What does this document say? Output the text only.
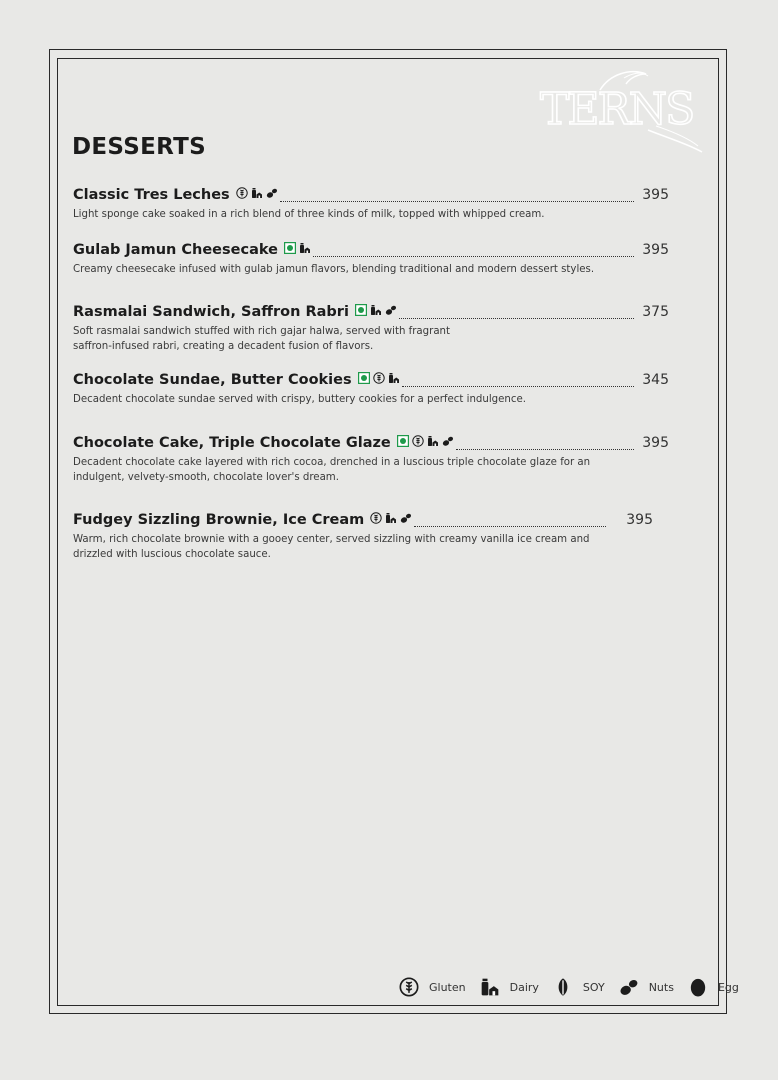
TERNS
DESSERTS
Classic Tres Leches	395
Light sponge cake soaked in a rich blend of three kinds of milk, topped with whipped cream.
Gulab Jamun Cheesecake	395
Creamy cheesecake infused with gulab jamun flavors, blending traditional and modern dessert styles.
Rasmalai Sandwich, Saffron Rabri	375
Soft rasmalai sandwich stuffed with rich gajar halwa, served with fragrant
saffron-infused rabri, creating a decadent fusion of flavors.
Chocolate Sundae, Butter Cookies	345
Decadent chocolate sundae served with crispy, buttery cookies for a perfect indulgence.
Chocolate Cake, Triple Chocolate Glaze	395
Decadent chocolate cake layered with rich cocoa, drenched in a luscious triple chocolate glaze for an
indulgent, velvety-smooth, chocolate lover's dream.
Fudgey Sizzling Brownie, Ice Cream	395
Warm, rich chocolate brownie with a gooey center, served sizzling with creamy vanilla ice cream and
drizzled with luscious chocolate sauce.
Gluten	Dairy	SOY	Nuts	Egg
